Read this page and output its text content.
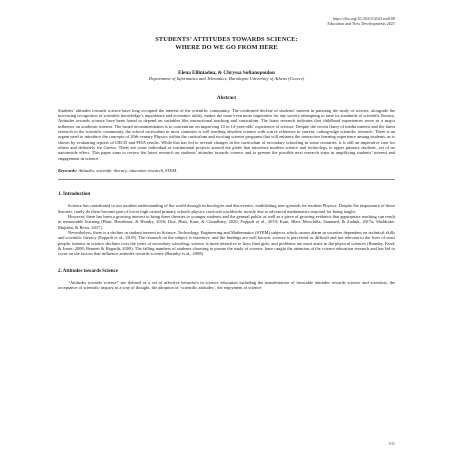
https://doi.org/10.36315/2021end108
Education and New Developments 2021
STUDENTS’ ATTITUDES TOWARDS SCIENCE:
WHERE DO WE GO FROM HERE
Elena Elliniadou, & Chryssa Sofianopoulou
Department of Informatics and Telematics, Harokopio University of Athens (Greece)
Abstract

Students’ attitudes towards science have long occupied the interest of the scientific community. The confirmed decline of students’ interest in pursuing the study of science, alongside the increasing recognition of scientific knowledge’s importance and economic utility, makes the issue even more imperative for any society attempting to raise its standards of scientific literacy. Attitudes towards science have been found to depend on variables like instructional teaching and curriculum. The latest research indicates that childhood experiences serve as a major influence on academic interest. The broad recommendation is to concentrate on improving 10 to 14-year-olds’ experience of science. Despite the recent flurry of media interest and the latest research in the scientific community, the school curriculum in most countries is still teaching obsolete science with scarce reference to current, cutting-edge scientific research. There is an urgent need to introduce the concepts of 20th-century Physics within the curriculum and exciting science programs that will enhance the interactive learning experience among students, as is shown by evaluating reports of OECD and PISA results. While this has led to several changes in the curriculum of secondary schooling in some countries, it is still an imperative case for others and definitely for Greece. There are some individual or institutional projects around the globe that introduce modern science and technology to upper primary students, yet of no nationwide effect. This paper aims to review the latest research on students’ attitudes towards science and to present the possible next research steps in amplifying students’ interest and engagement in science.

Keywords: Attitudes, scientific literacy, education research, STEM.
1. Introduction

Science has contributed to our modern understanding of the world through technologies and discoveries, establishing new grounds for modern Physics. Despite the importance of these theories, rarely do these become part of lower high or/and primary schools physics curricula worldwide, mostly due to advanced mathematics required for being taught.

However, there has been a growing interest to bring these theories to younger students and the general public as well as a piece of growing evidence that appropriate teaching can result in measurable learning (Blair, Henriksen, & Hendry, 2016; Dua, Blair, Kaur, & Choudhary, 2020; Foppoli et al., 2019; Kaur, Blair, Moschilla, Stannard, & Zadnik, 2017a; Sheldrake, Mujtaba, & Reiss, 2017).

Nevertheless, there is a decline in student interest in Science, Technology, Engineering and Mathematics (STEM) subjects which causes alarm in societies dependent on technical skills and scientific literacy (Foppoli et al., 2019). The research on the subject is extensive, and the findings are well known: science is perceived as difficult and not relevant to the lives of most people, interest in science declines over the years of secondary schooling, science is more attractive to boys than girls, and problems are most acute in the physical sciences (Barmby, Kind, & Jones, 2008; Bennett & Hogarth, 2009). The falling numbers of students choosing to pursue the study of science, have caught the attention of the science education research and has led to focus on the factors that influence attitudes towards science (Barmby et al., 2008).

2. Attitudes towards Science

“Attitudes towards science” are defined as a set of affective behaviors in science education including the manifestation of favorable attitudes towards science and scientists, the acceptance of scientific inquiry as a way of thought, the adoption of ‘scientific attitudes’, the enjoyment of science

511
